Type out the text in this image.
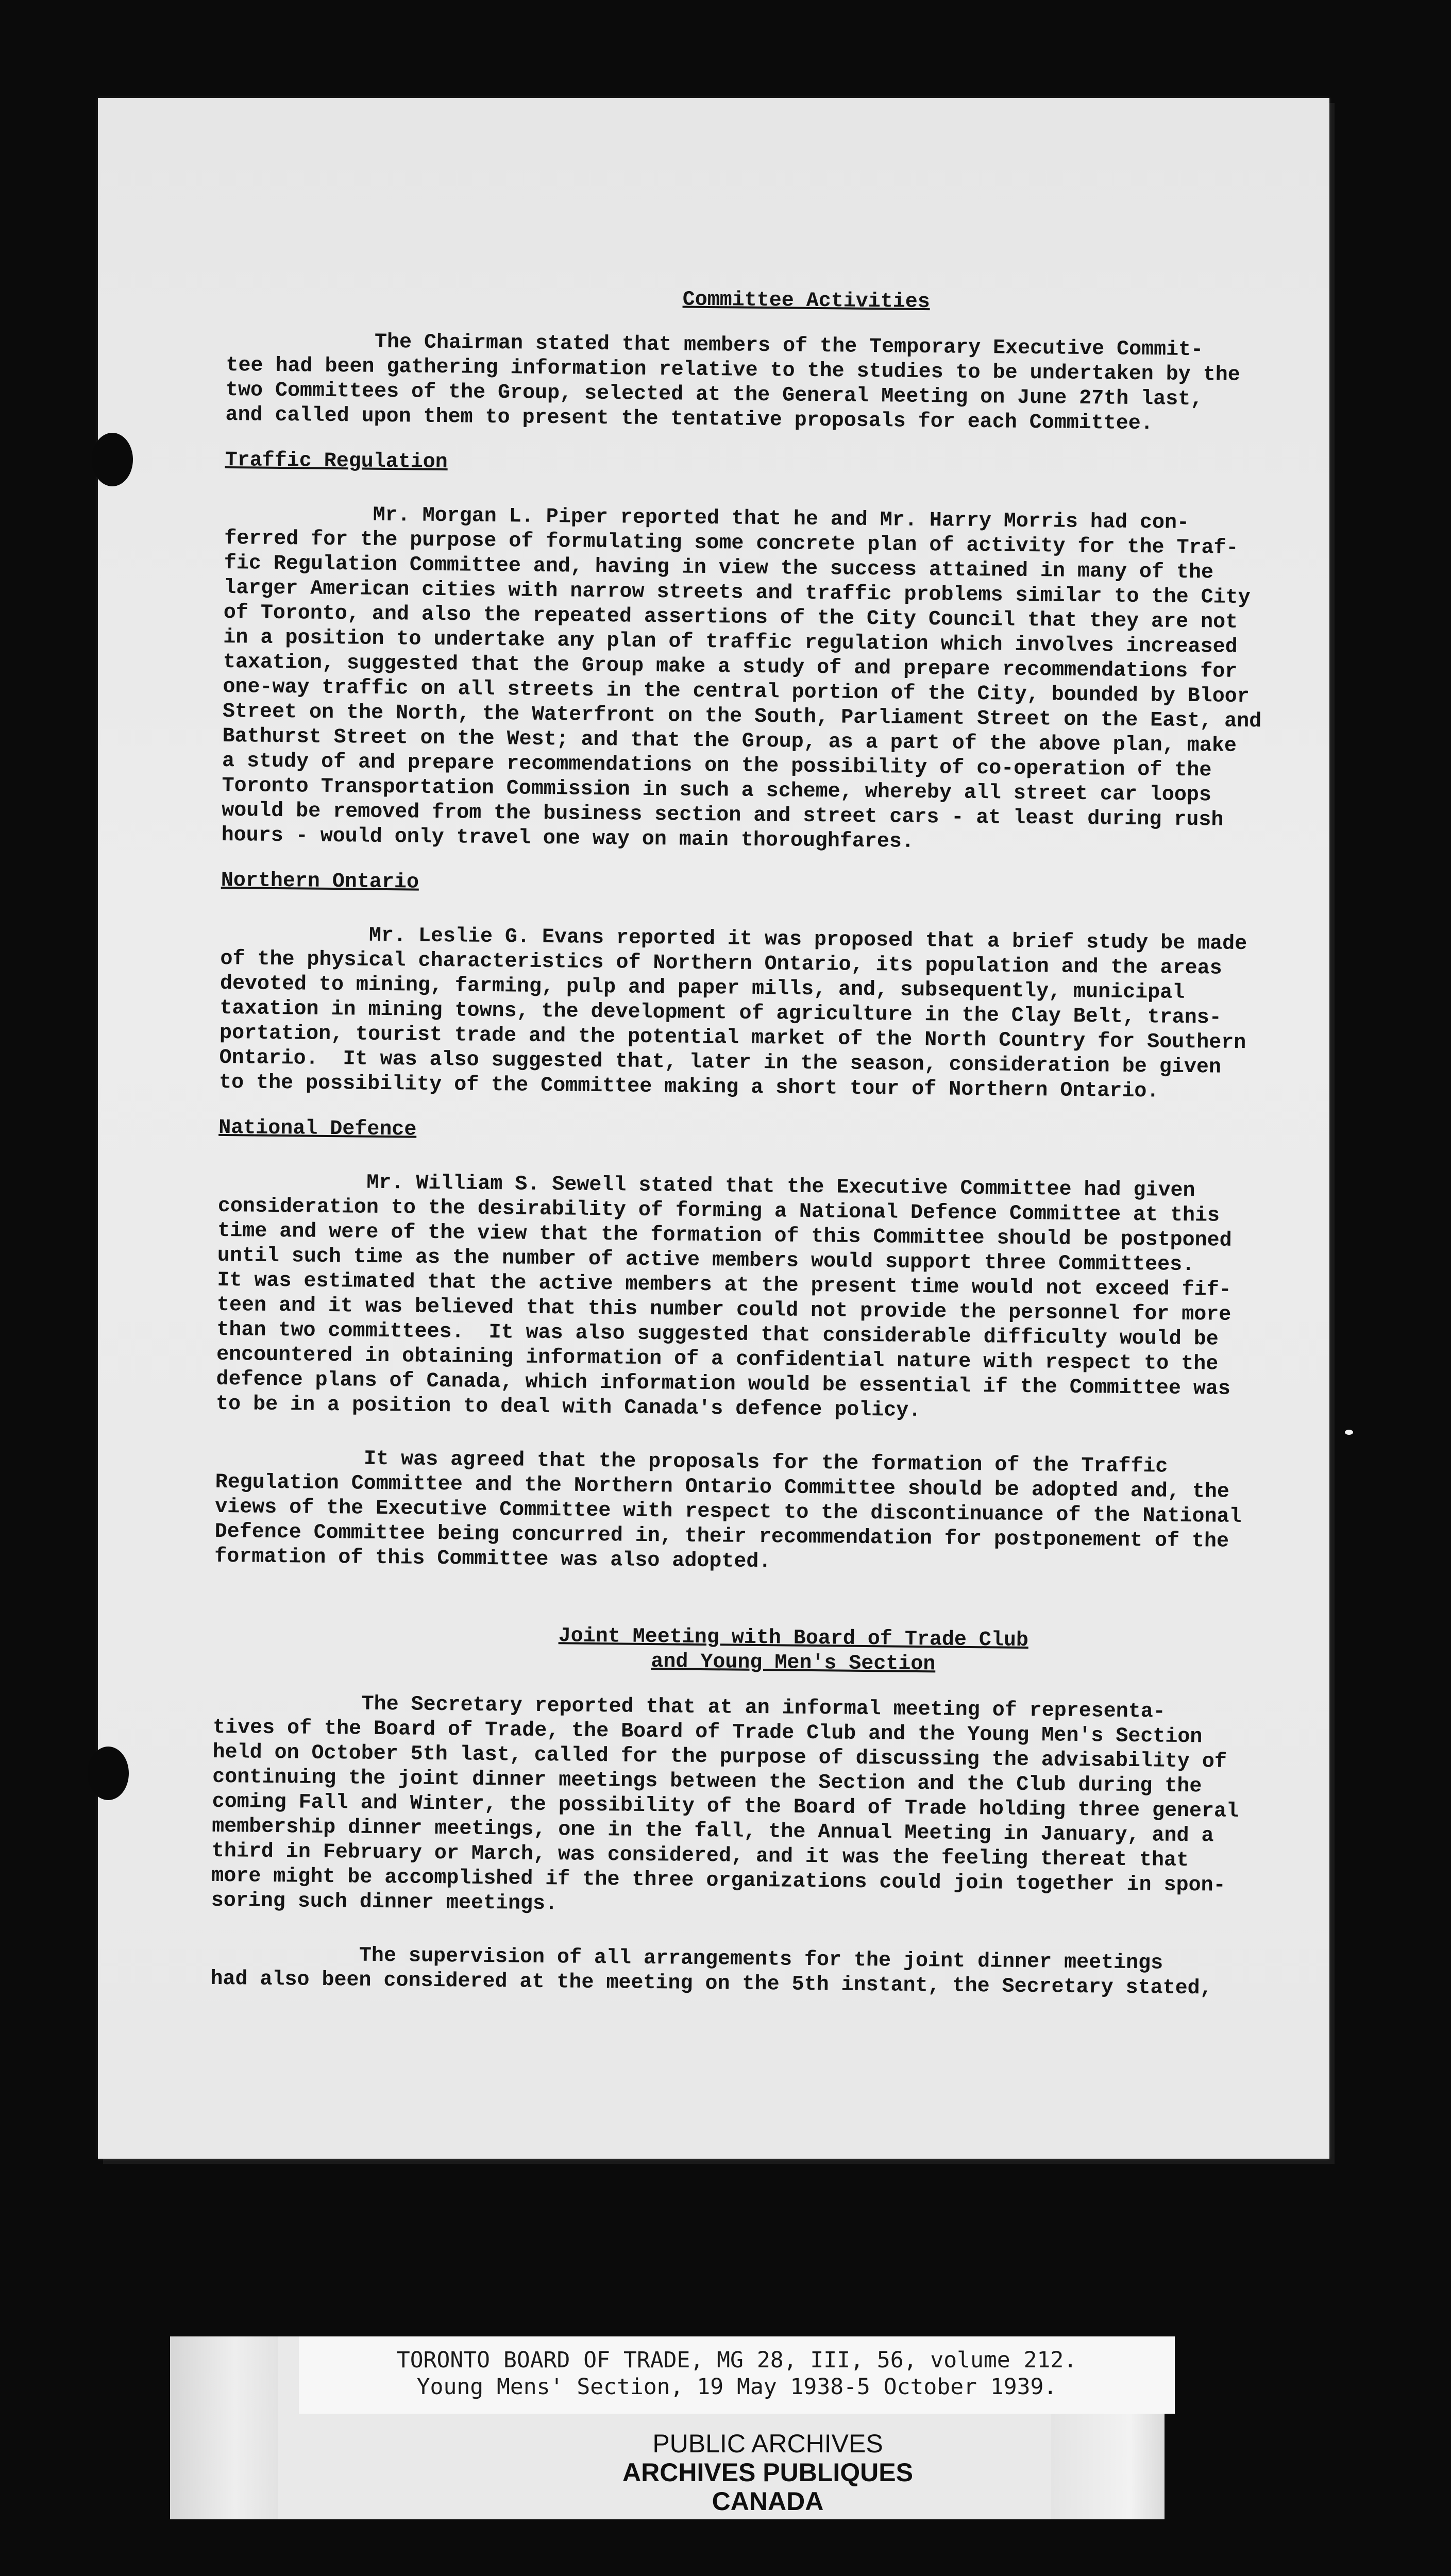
Committee Activities

The Chairman stated that members of the Temporary Executive Commit-
tee had been gathering information relative to the studies to be undertaken by the
two Committees of the Group, selected at the General Meeting on June 27th last,
and called upon them to present the tentative proposals for each Committee.

Traffic Regulation

Mr. Morgan L. Piper reported that he and Mr. Harry Morris had con-
ferred for the purpose of formulating some concrete plan of activity for the Traf-
fic Regulation Committee and, having in view the success attained in many of the
larger American cities with narrow streets and traffic problems similar to the City
of Toronto, and also the repeated assertions of the City Council that they are not
in a position to undertake any plan of traffic regulation which involves increased
taxation, suggested that the Group make a study of and prepare recommendations for
one-way traffic on all streets in the central portion of the City, bounded by Bloor
Street on the North, the Waterfront on the South, Parliament Street on the East, and
Bathurst Street on the West; and that the Group, as a part of the above plan, make
a study of and prepare recommendations on the possibility of co-operation of the
Toronto Transportation Commission in such a scheme, whereby all street car loops
would be removed from the business section and street cars - at least during rush
hours - would only travel one way on main thoroughfares.

Northern Ontario

Mr. Leslie G. Evans reported it was proposed that a brief study be made
of the physical characteristics of Northern Ontario, its population and the areas
devoted to mining, farming, pulp and paper mills, and, subsequently, municipal
taxation in mining towns, the development of agriculture in the Clay Belt, trans-
portation, tourist trade and the potential market of the North Country for Southern
Ontario.  It was also suggested that, later in the season, consideration be given
to the possibility of the Committee making a short tour of Northern Ontario.

National Defence

Mr. William S. Sewell stated that the Executive Committee had given
consideration to the desirability of forming a National Defence Committee at this
time and were of the view that the formation of this Committee should be postponed
until such time as the number of active members would support three Committees.
It was estimated that the active members at the present time would not exceed fif-
teen and it was believed that this number could not provide the personnel for more
than two committees.  It was also suggested that considerable difficulty would be
encountered in obtaining information of a confidential nature with respect to the
defence plans of Canada, which information would be essential if the Committee was
to be in a position to deal with Canada's defence policy.

It was agreed that the proposals for the formation of the Traffic
Regulation Committee and the Northern Ontario Committee should be adopted and, the
views of the Executive Committee with respect to the discontinuance of the National
Defence Committee being concurred in, their recommendation for postponement of the
formation of this Committee was also adopted.

Joint Meeting with Board of Trade Club

and Young Men's Section

The Secretary reported that at an informal meeting of representa-
tives of the Board of Trade, the Board of Trade Club and the Young Men's Section
held on October 5th last, called for the purpose of discussing the advisability of
continuing the joint dinner meetings between the Section and the Club during the
coming Fall and Winter, the possibility of the Board of Trade holding three general
membership dinner meetings, one in the fall, the Annual Meeting in January, and a
third in February or March, was considered, and it was the feeling thereat that
more might be accomplished if the three organizations could join together in spon-
soring such dinner meetings.

The supervision of all arrangements for the joint dinner meetings
had also been considered at the meeting on the 5th instant, the Secretary stated,

TORONTO BOARD OF TRADE, MG 28, III, 56, volume 212.
Young Mens' Section, 19 May 1938-5 October 1939.
PUBLIC ARCHIVES
ARCHIVES PUBLIQUES
CANADA
